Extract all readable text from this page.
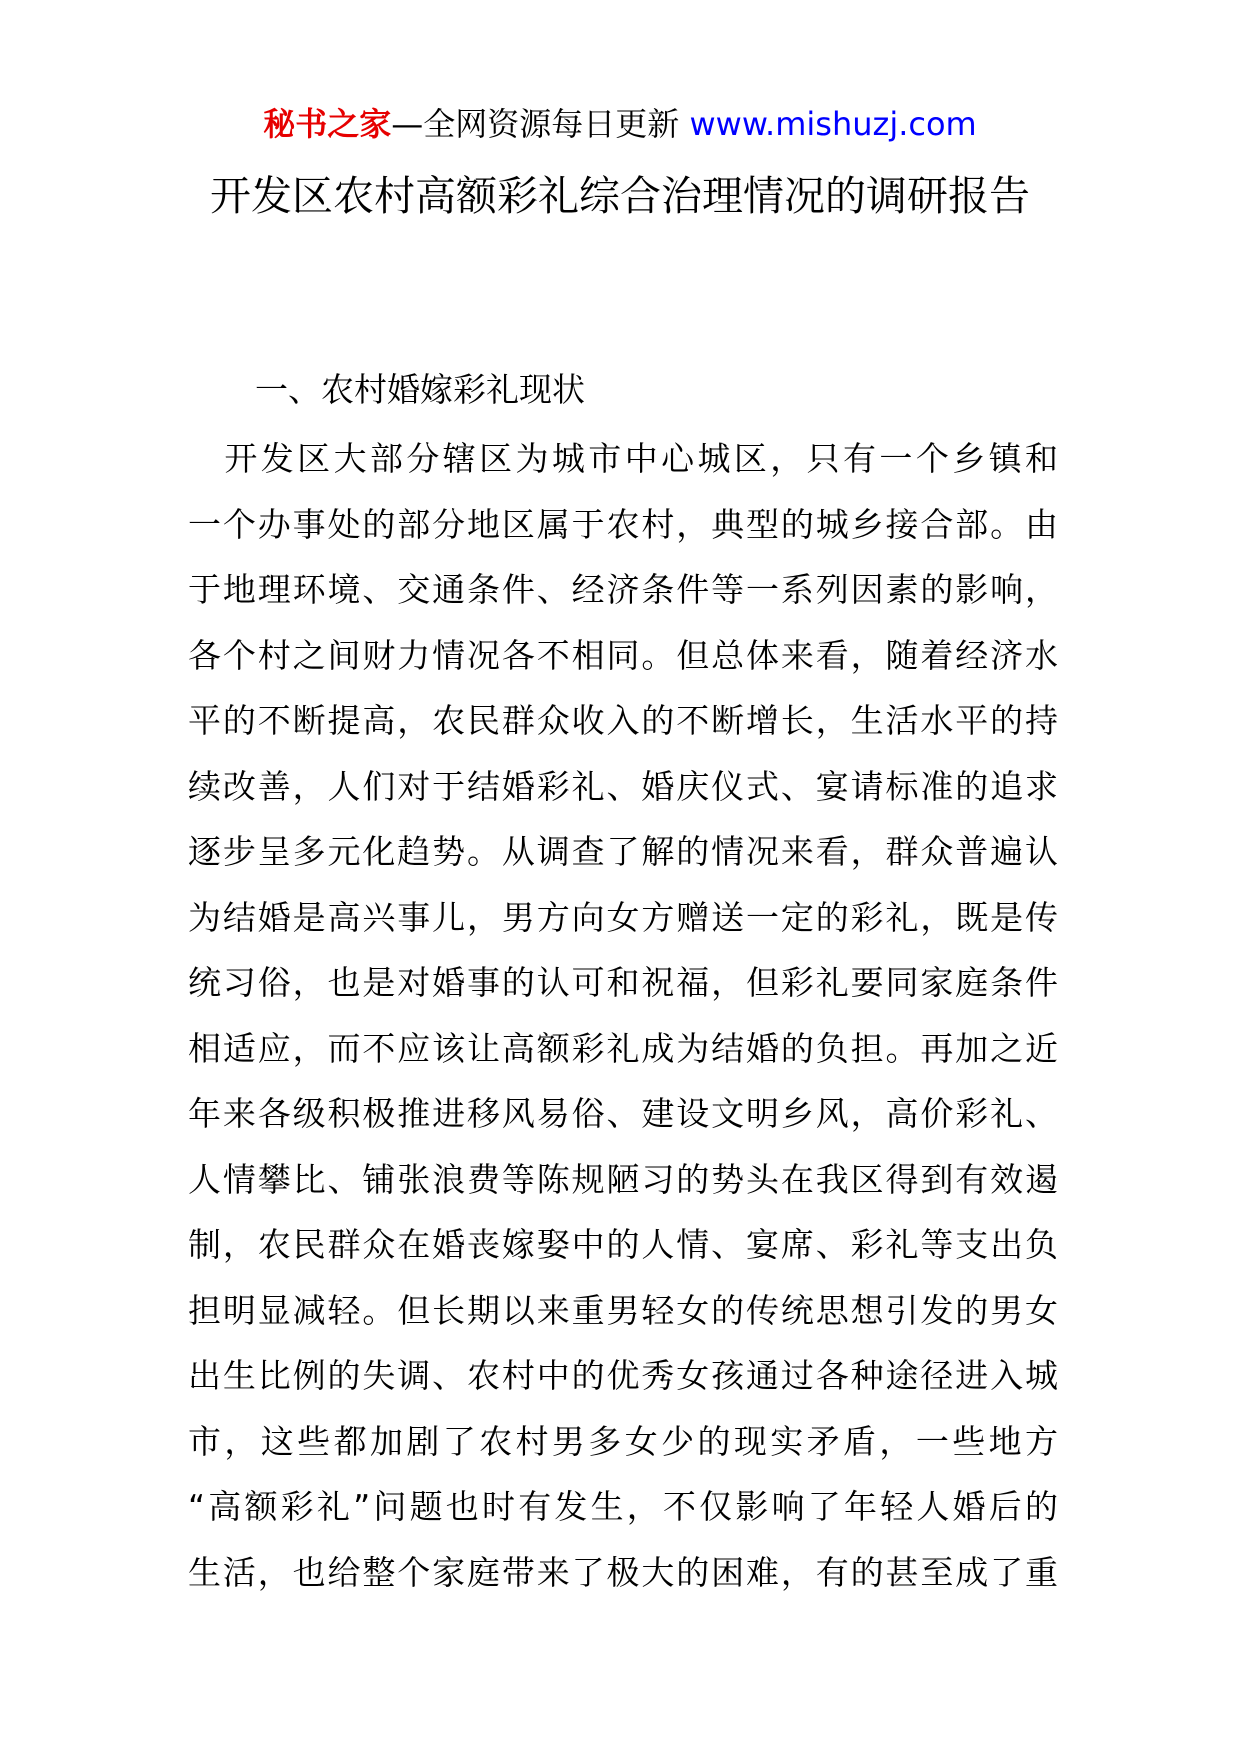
秘书之家—全网资源每日更新 www.mishuzj.com
开发区农村高额彩礼综合治理情况的调研报告
一、农村婚嫁彩礼现状
　开发区大部分辖区为城市中心城区，只有一个乡镇和
一个办事处的部分地区属于农村，典型的城乡接合部。由
于地理环境、交通条件、经济条件等一系列因素的影响，
各个村之间财力情况各不相同。但总体来看，随着经济水
平的不断提高，农民群众收入的不断增长，生活水平的持
续改善，人们对于结婚彩礼、婚庆仪式、宴请标准的追求
逐步呈多元化趋势。从调查了解的情况来看，群众普遍认
为结婚是高兴事儿，男方向女方赠送一定的彩礼，既是传
统习俗，也是对婚事的认可和祝福，但彩礼要同家庭条件
相适应，而不应该让高额彩礼成为结婚的负担。再加之近
年来各级积极推进移风易俗、建设文明乡风，高价彩礼、
人情攀比、铺张浪费等陈规陋习的势头在我区得到有效遏
制，农民群众在婚丧嫁娶中的人情、宴席、彩礼等支出负
担明显减轻。但长期以来重男轻女的传统思想引发的男女
出生比例的失调、农村中的优秀女孩通过各种途径进入城
市，这些都加剧了农村男多女少的现实矛盾，一些地方
“高额彩礼”问题也时有发生，不仅影响了年轻人婚后的
生活，也给整个家庭带来了极大的困难，有的甚至成了重
